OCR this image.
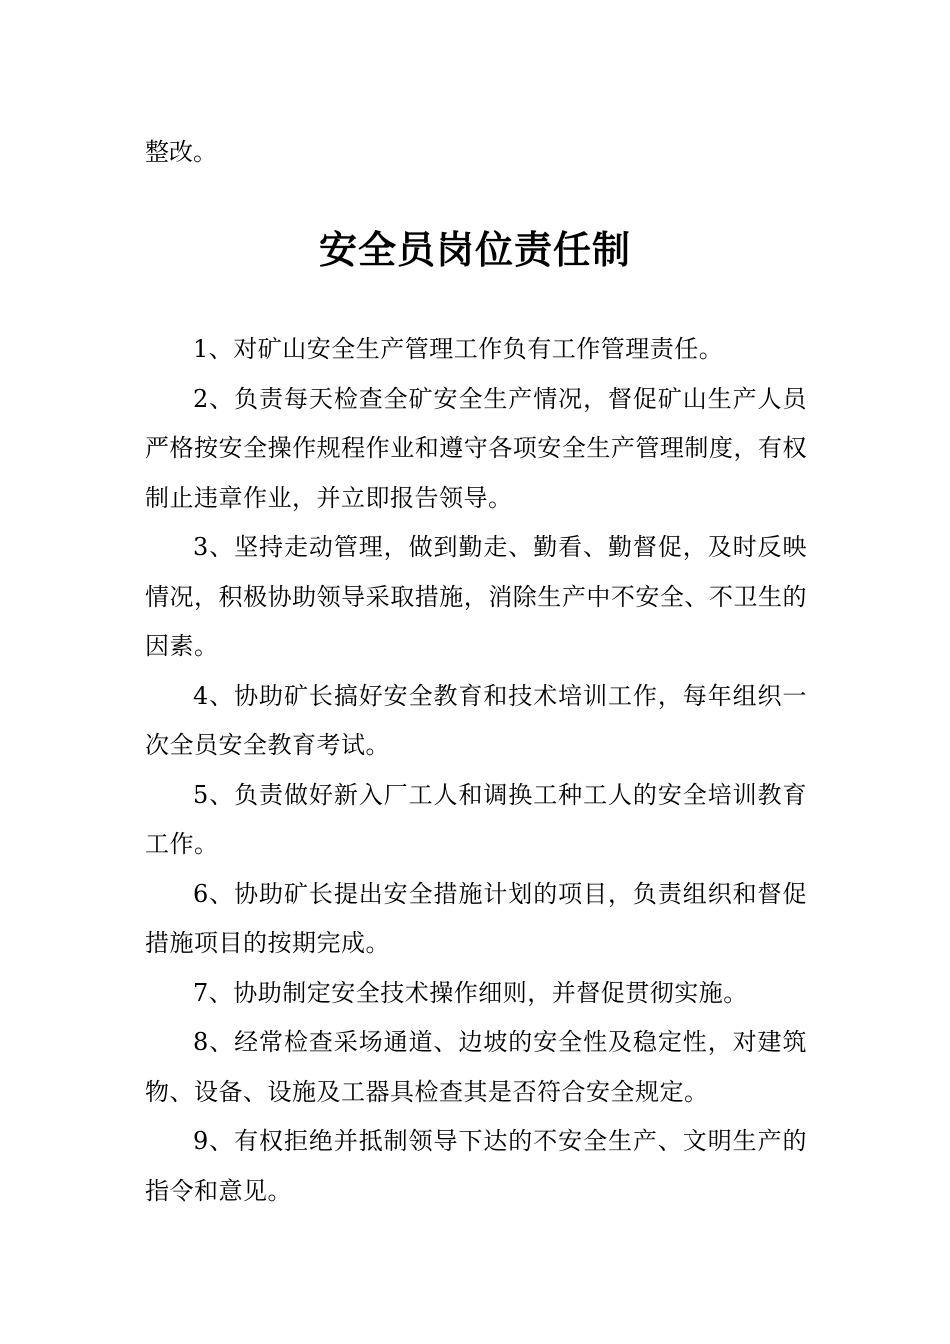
整改。

安全员岗位责任制

1、对矿山安全生产管理工作负有工作管理责任。

2、负责每天检查全矿安全生产情况，督促矿山生产人员严格按安全操作规程作业和遵守各项安全生产管理制度，有权制止违章作业，并立即报告领导。

3、坚持走动管理，做到勤走、勤看、勤督促，及时反映情况，积极协助领导采取措施，消除生产中不安全、不卫生的因素。

4、协助矿长搞好安全教育和技术培训工作，每年组织一次全员安全教育考试。

5、负责做好新入厂工人和调换工种工人的安全培训教育工作。

6、协助矿长提出安全措施计划的项目，负责组织和督促措施项目的按期完成。

7、协助制定安全技术操作细则，并督促贯彻实施。

8、经常检查采场通道、边坡的安全性及稳定性，对建筑物、设备、设施及工器具检查其是否符合安全规定。

9、有权拒绝并抵制领导下达的不安全生产、文明生产的指令和意见。
